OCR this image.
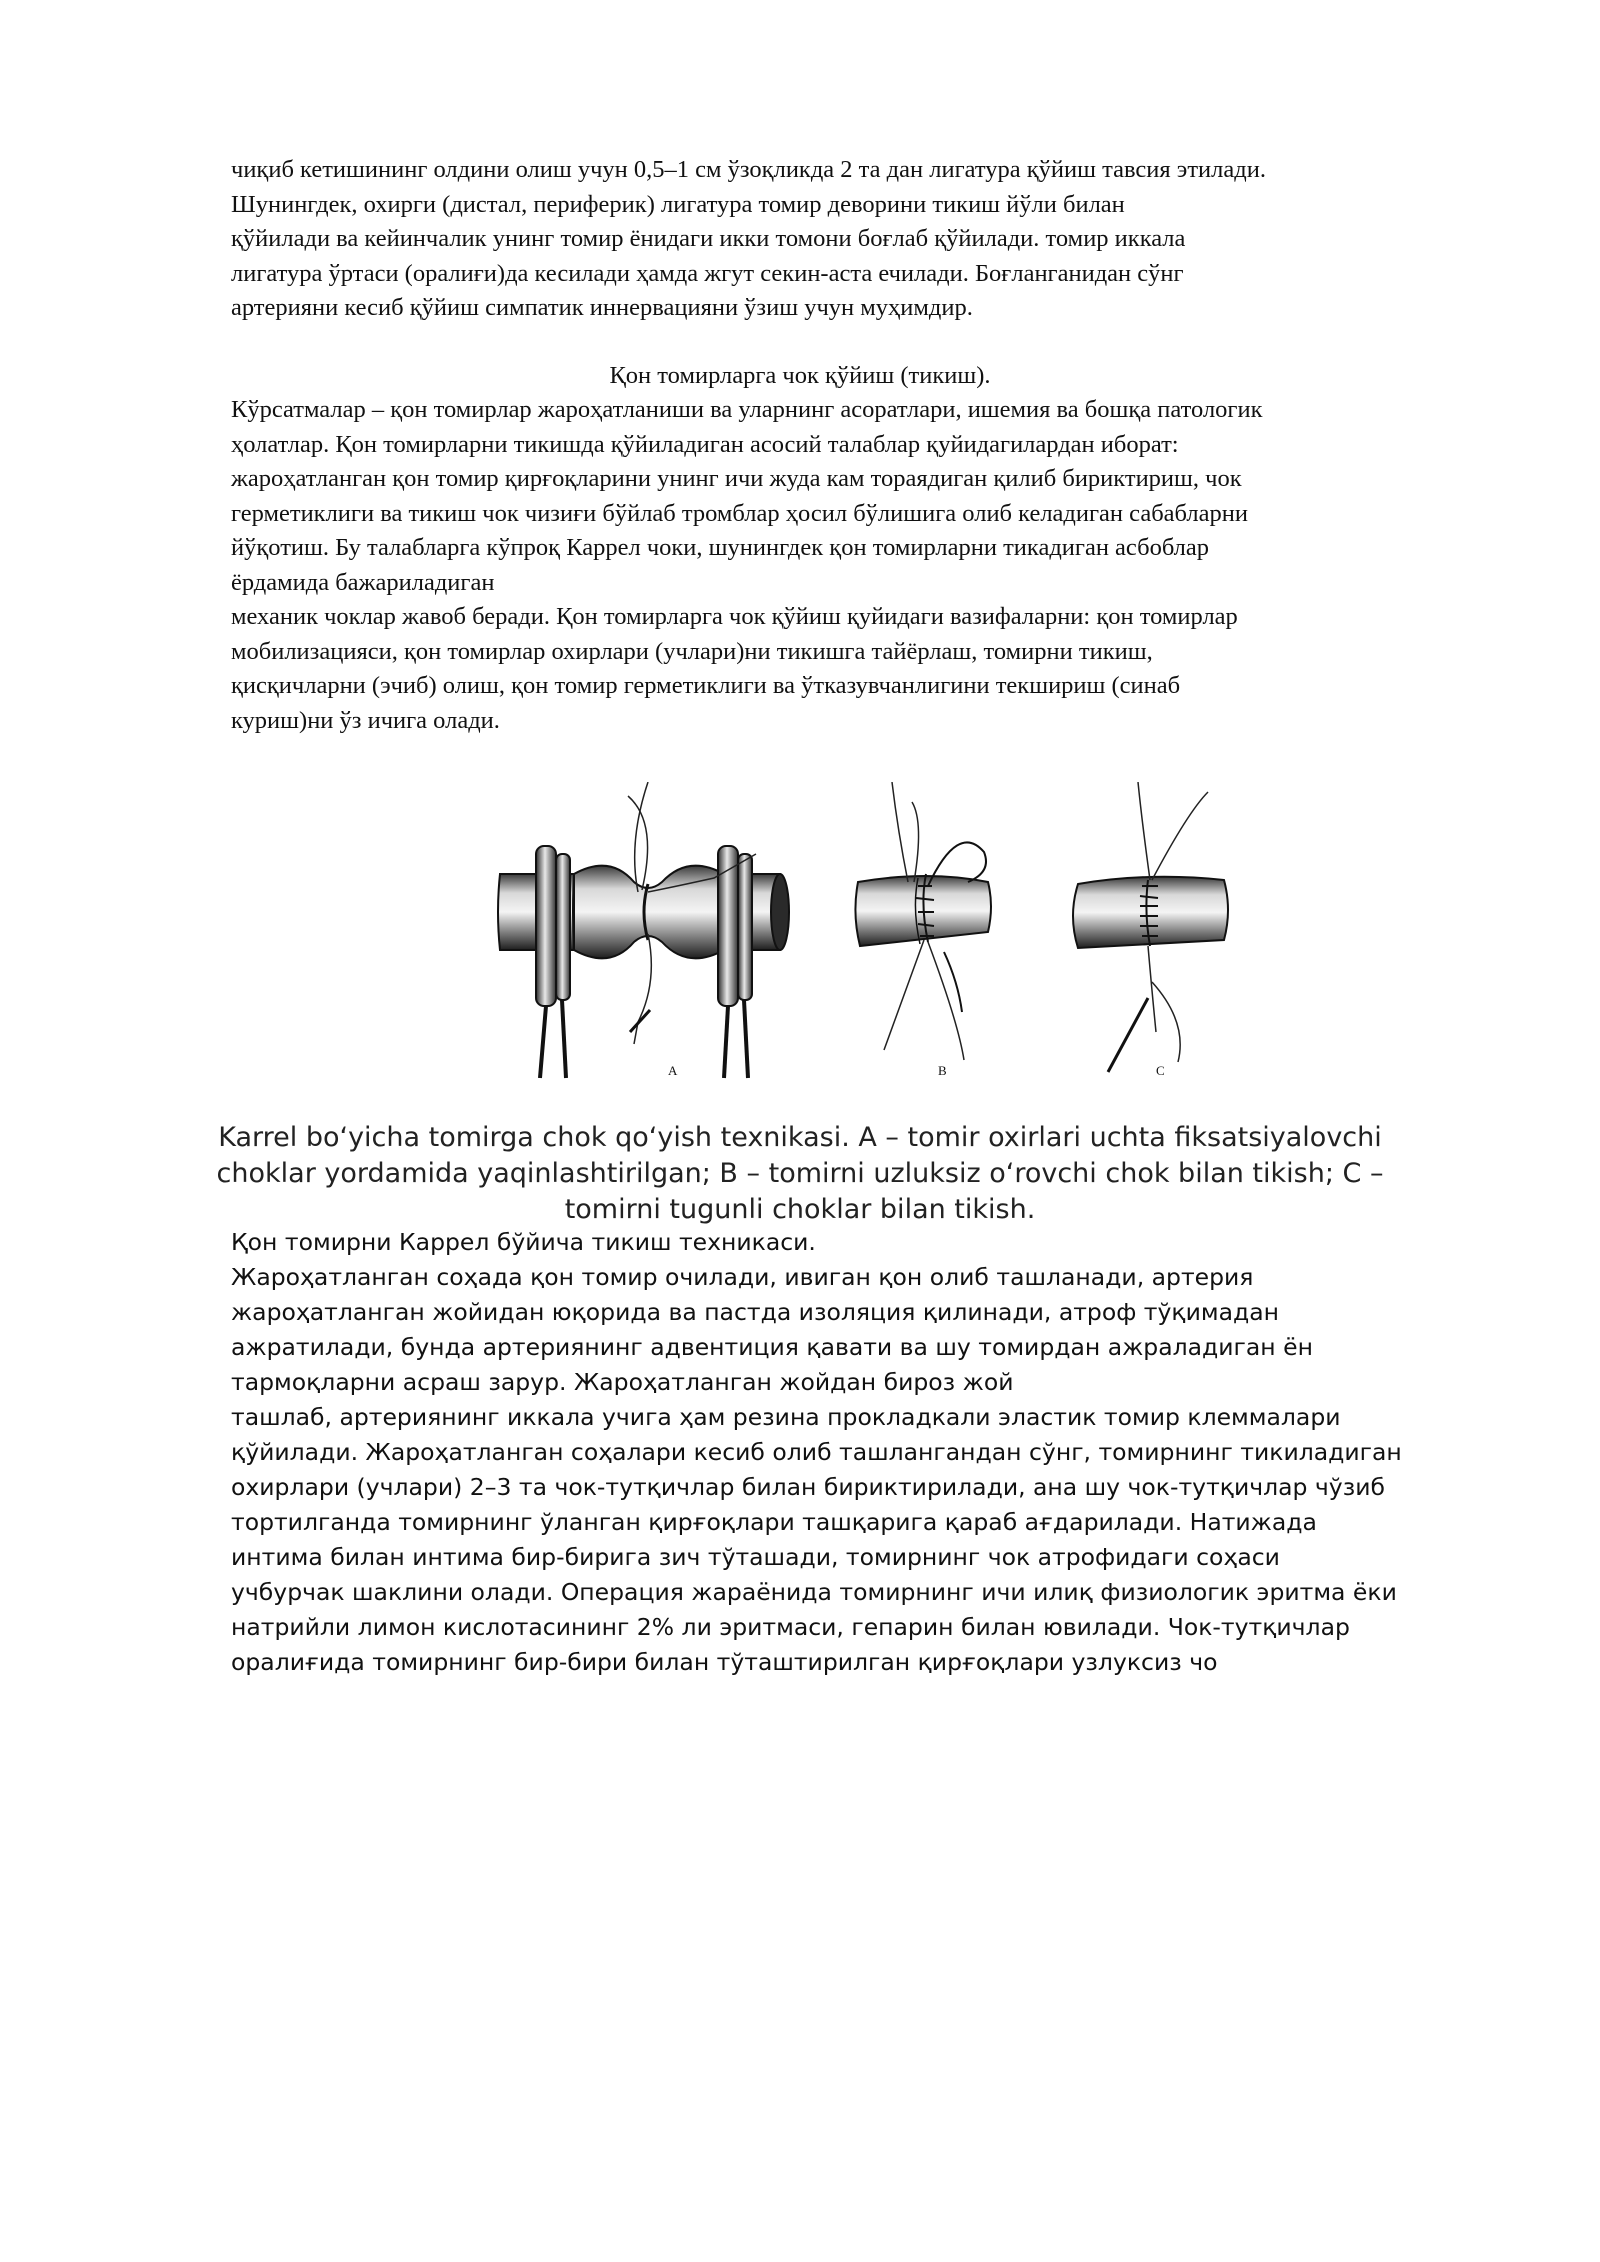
чиқиб кетишининг олдини олиш учун 0,5–1 см ўзоқликда 2 та дан лигатура қўйиш тавсия этилади.
Шунингдек, охирги (дистал, периферик) лигатура томир деворини тикиш йўли билан
қўйилади ва кейинчалик унинг томир ёнидаги икки томони боғлаб қўйилади. томир иккала
лигатура ўртаси (оралиғи)да кесилади ҳамда жгут секин-аста ечилади. Боғланганидан сўнг
артерияни кесиб қўйиш симпатик иннервацияни ўзиш учун муҳимдир.
Қон томирларга чок қўйиш (тикиш).
Кўрсатмалар – қон томирлар жароҳатланиши ва уларнинг асоратлари, ишемия ва бошқа патологик
ҳолатлар. Қон томирларни тикишда қўйиладиган асосий талаблар қуйидагилардан иборат:
жароҳатланган қон томир қирғоқларини унинг ичи жуда кам тораядиган қилиб бириктириш, чок
герметиклиги ва тикиш чок чизиғи бўйлаб тромблар ҳосил бўлишига олиб келадиган сабабларни
йўқотиш. Бу талабларга кўпроқ Каррел чоки, шунингдек қон томирларни тикадиган асбоблар
ёрдамида бажариладиган
механик чоклар жавоб беради. Қон томирларга чок қўйиш қуйидаги вазифаларни: қон томирлар
мобилизацияси, қон томирлар охирлари (учлари)ни тикишга тайёрлаш, томирни тикиш,
қисқичларни (эчиб) олиш, қон томир герметиклиги ва ўтказувчанлигини текшириш (синаб
куриш)ни ўз ичига олади.
A	B	C
Karrel bo‘yicha tomirga chok qo‘yish texnikasi. A – tomir oxirlari uchta fiksatsiyalovchi
choklar yordamida yaqinlashtirilgan; B – tomirni uzluksiz o‘rovchi chok bilan tikish; C –
tomirni tugunli choklar bilan tikish.
Қон томирни Каррел бўйича тикиш техникаси.
Жароҳатланган соҳада қон томир очилади, ивиган қон олиб ташланади, артерия
жароҳатланган жойидан юқорида ва пастда изоляция қилинади, атроф тўқимадан
ажратилади, бунда артериянинг адвентиция қавати ва шу томирдан ажраладиган ён
тармоқларни асраш зарур. Жароҳатланган жойдан бироз жой
ташлаб, артериянинг иккала учига ҳам резина прокладкали эластик томир клеммалари
қўйилади. Жароҳатланган соҳалари кесиб олиб ташлангандан сўнг, томирнинг тикиладиган
охирлари (учлари) 2–3 та чок-тутқичлар билан бириктирилади, ана шу чок-тутқичлар чўзиб
тортилганда томирнинг ўланган қирғоқлари ташқарига қараб ағдарилади. Натижада
интима билан интима бир-бирига зич тўташади, томирнинг чок атрофидаги соҳаси
учбурчак шаклини олади. Операция жараёнида томирнинг ичи илиқ физиологик эритма ёки
натрийли лимон кислотасининг 2% ли эритмаси, гепарин билан ювилади. Чок-тутқичлар
оралиғида томирнинг бир-бири билан тўташтирилган қирғоқлари узлуксиз чо
